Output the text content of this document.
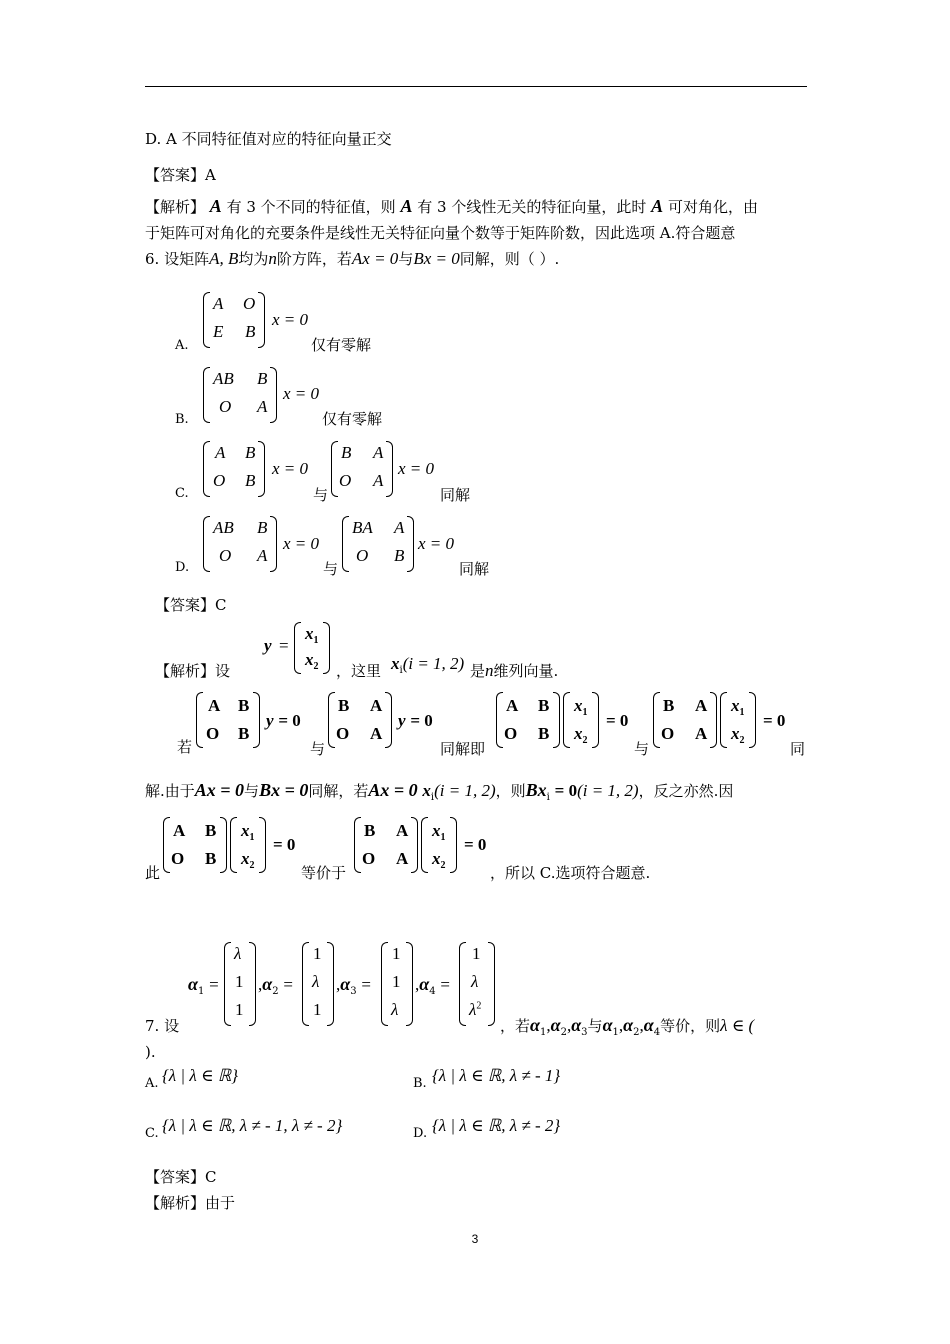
D. A 不同特征值对应的特征向量正交
【答案】A
【解析】 A 有 3 个不同的特征值，则 A 有 3 个线性无关的特征向量，此时 A 可对角化，由
于矩阵可对角化的充要条件是线性无关特征向量个数等于矩阵阶数，因此选项 A.符合题意
6. 设矩阵A, B均为n阶方阵，若Ax = 0与Bx = 0同解，则（ ）.
A.
A O
E B
x = 0
仅有零解
B.
AB B
O A
x = 0
仅有零解
C.
A B
O B
x = 0
与
B A
O A
x = 0
同解
D.
AB B
O A
x = 0
与
BA A
O B
x = 0
同解
【答案】C
【解析】设
y =
$x_1$
$x_2$ ，这里 $x_i(i = 1$, 2) 是n维列向量.
若
A B
O B
y = 0
与
B A
O A
y = 0
同解即
A B
O B
$x_1$
$x_2$
= 0
与
B A
O A
$x_1$
$x_2$
= 0
同
解.由于Ax = 0与Bx = 0同解，若Ax = 0 $x_i(i = 1$, 2)，则$Bx_i = 0(i = 1$, 2)，反之亦然.因
此
A B
O B
$x_1$
$x_2$
= 0
等价于
B A
O A
$x_1$
$x_2$
= 0
，所以 C.选项符合题意.
7. 设
$\alpha_1$ =
λ
1
1
$,\alpha_2$ =
1
λ
1
$,\alpha_3$ =
1
1
λ
$,\alpha_4$ =
1
λ
$\lambda^2$
，若$\alpha_1,\alpha_2,\alpha_3$与$\alpha_1,\alpha_2,\alpha_4$等价，则λ ∈ (
).
A. {λ | λ ∈ ℝ}	B. {λ | λ ∈ ℝ, λ ≠ - 1}
C. {λ | λ ∈ ℝ, λ ≠ - 1, λ ≠ - 2}	D. {λ | λ ∈ ℝ, λ ≠ - 2}
【答案】C
【解析】由于
3
